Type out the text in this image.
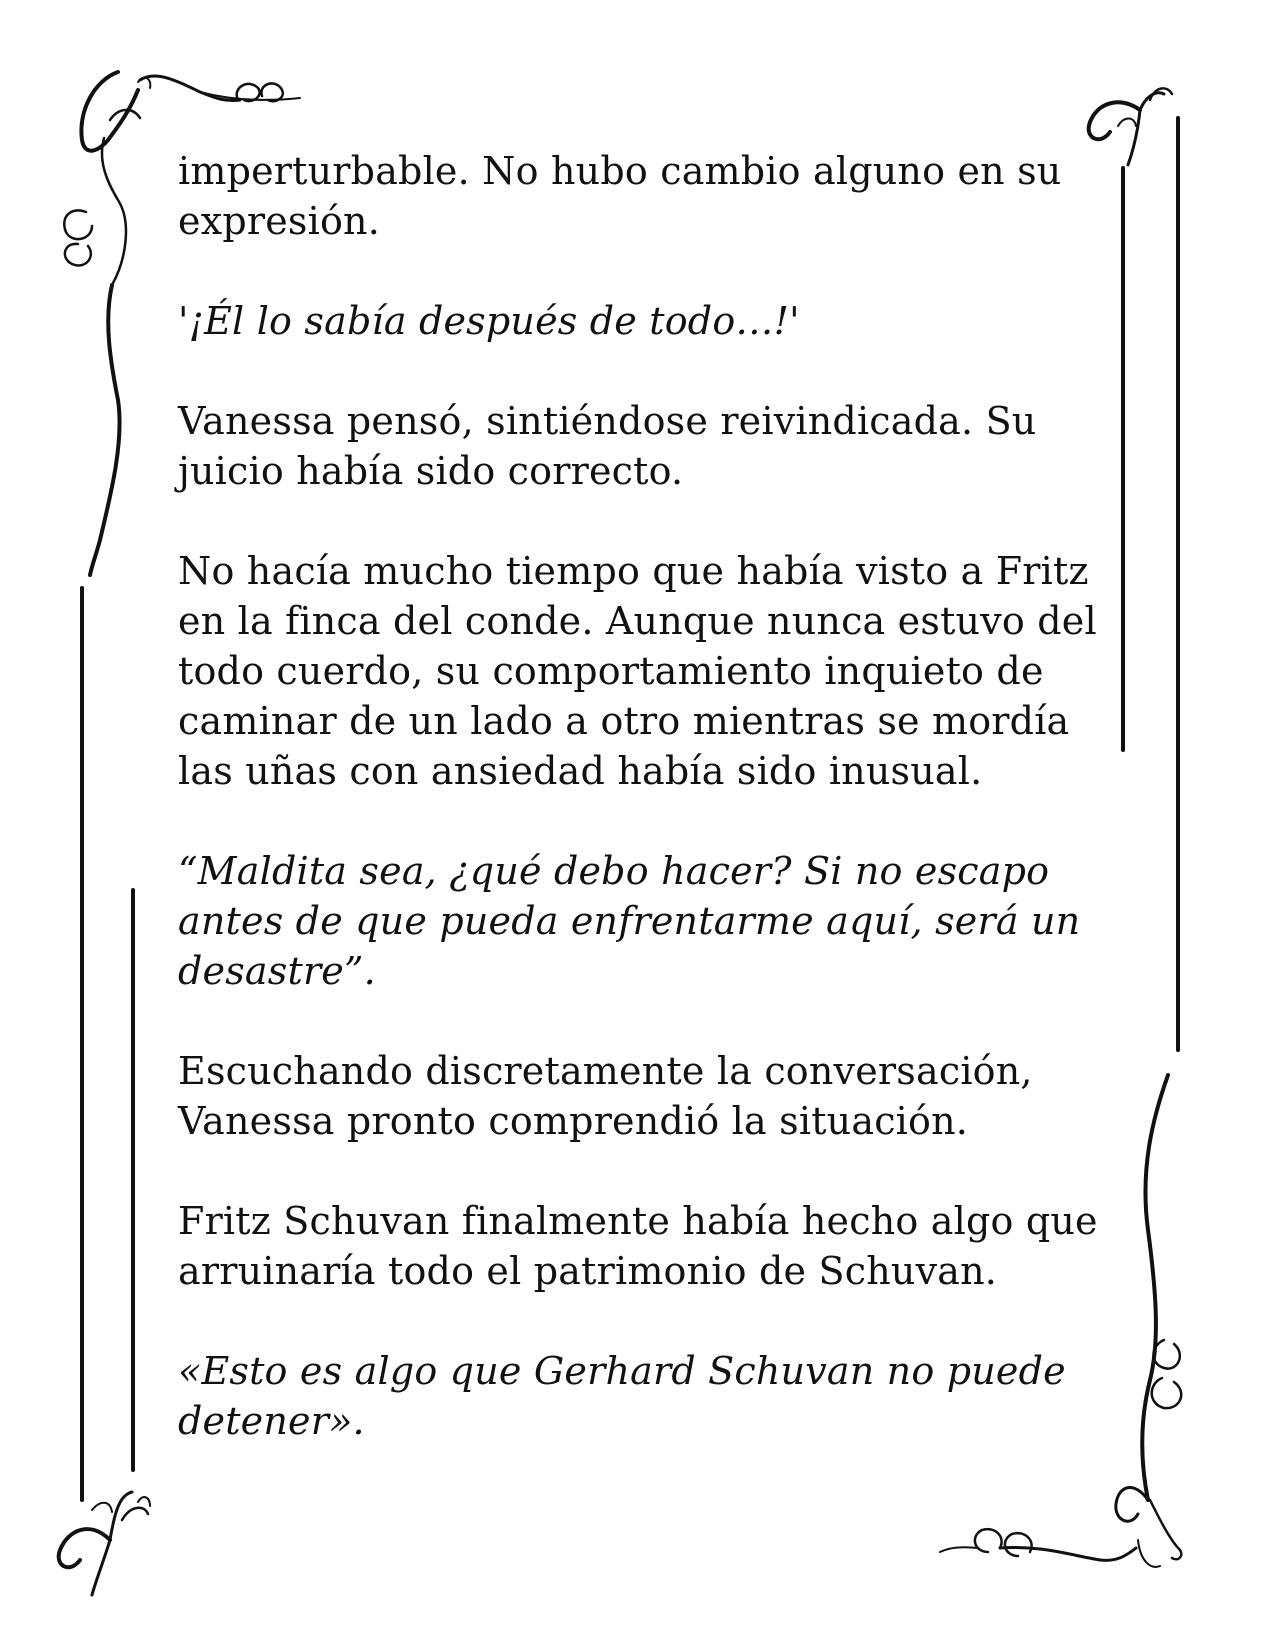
imperturbable. No hubo cambio alguno en su expresión.

'¡Él lo sabía después de todo…!'

Vanessa pensó, sintiéndose reivindicada. Su juicio había sido correcto.

No hacía mucho tiempo que había visto a Fritz en la finca del conde. Aunque nunca estuvo del todo cuerdo, su comportamiento inquieto de caminar de un lado a otro mientras se mordía las uñas con ansiedad había sido inusual.

“Maldita sea, ¿qué debo hacer? Si no escapo antes de que pueda enfrentarme aquí, será un desastre”.

Escuchando discretamente la conversación, Vanessa pronto comprendió la situación.

Fritz Schuvan finalmente había hecho algo que arruinaría todo el patrimonio de Schuvan.

«Esto es algo que Gerhard Schuvan no puede detener».
